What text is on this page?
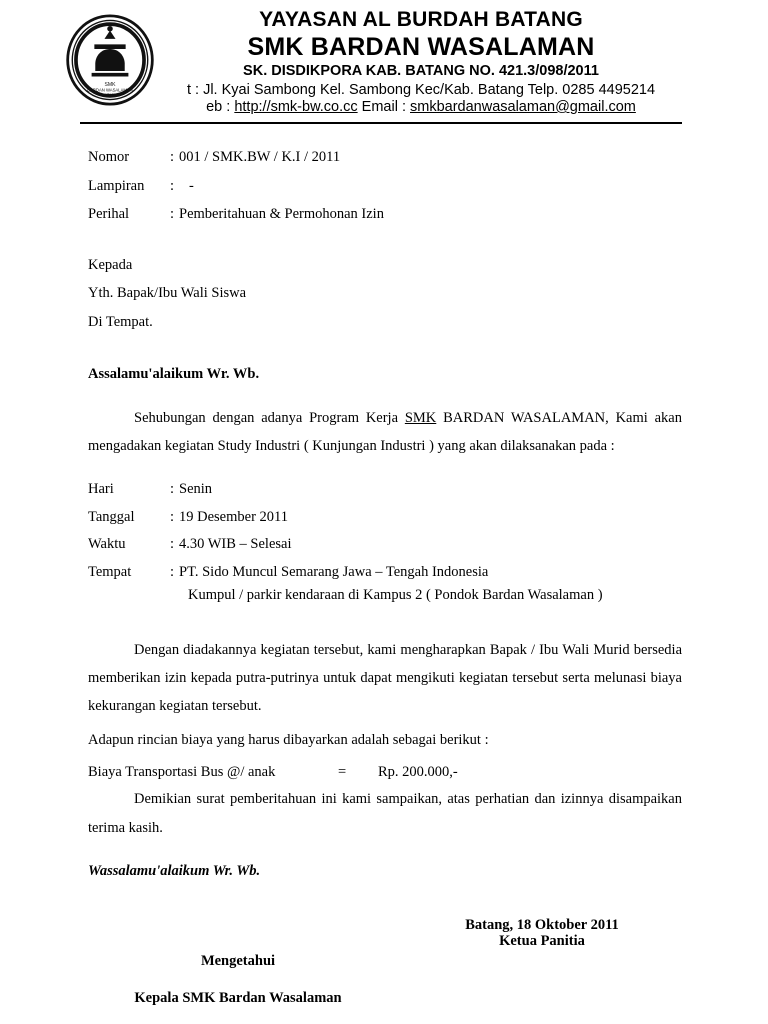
SMK
BARDAN WASALAMAN
BATANG
YAYASAN AL BURDAH BATANG
SMK BARDAN WASALAMAN
SK. DISDIKPORA KAB. BATANG NO. 421.3/098/2011
t : Jl. Kyai Sambong Kel. Sambong Kec/Kab. Batang Telp. 0285 4495214
eb : http://smk-bw.co.cc Email : smkbardanwasalaman@gmail.com
Nomor	: 001 / SMK.BW / K.I / 2011
Lampiran	:	-
Perihal	: Pemberitahuan & Permohonan Izin
Kepada
Yth. Bapak/Ibu Wali Siswa
Di Tempat.
Assalamu'alaikum Wr. Wb.

Sehubungan dengan adanya Program Kerja SMK BARDAN WASALAMAN, Kami akan mengadakan kegiatan Study Industri ( Kunjungan Industri ) yang akan dilaksanakan pada :

Hari	: Senin
Tanggal	: 19 Desember 2011
Waktu	: 4.30 WIB – Selesai
Tempat	: PT. Sido Muncul Semarang Jawa – Tengah Indonesia
Kumpul / parkir kendaraan di Kampus 2 ( Pondok Bardan Wasalaman )

Dengan diadakannya kegiatan tersebut, kami mengharapkan Bapak / Ibu Wali Murid bersedia memberikan izin kepada putra-putrinya untuk dapat mengikuti kegiatan tersebut serta melunasi biaya kekurangan kegiatan tersebut.

Adapun rincian biaya yang harus dibayarkan adalah sebagai berikut :

Biaya Transportasi Bus @/ anak	=	Rp. 200.000,-

Demikian surat pemberitahuan ini kami sampaikan, atas perhatian dan izinnya disampaikan terima kasih.

Wassalamu'alaikum Wr. Wb.
Batang, 18 Oktober 2011
Mengetahui
Kepala SMK Bardan Wasalaman
Ketua Panitia
